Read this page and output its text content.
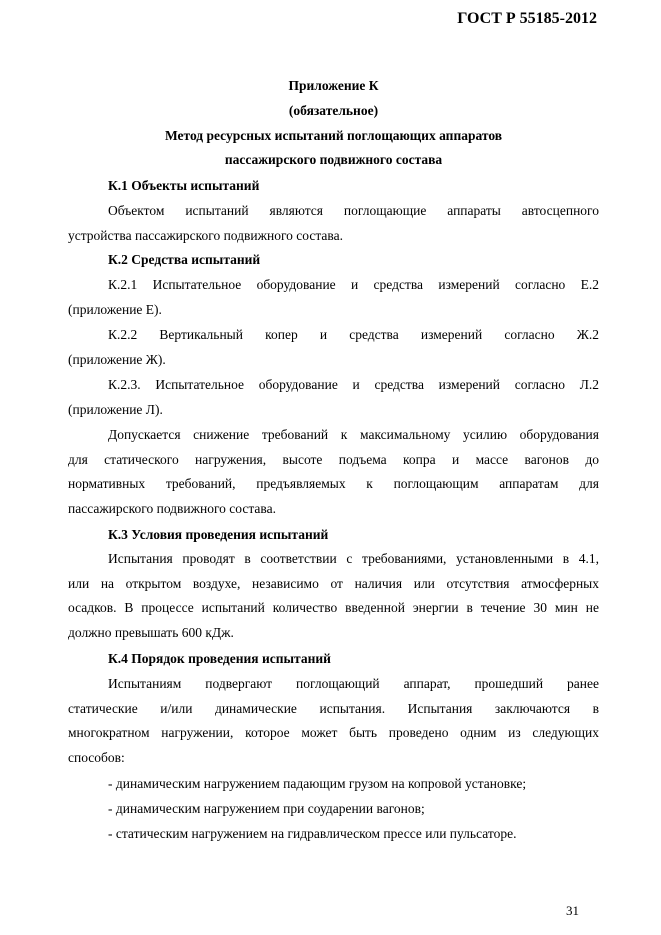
ГОСТ Р 55185-2012
Приложение К
(обязательное)
Метод ресурсных испытаний поглощающих аппаратов
пассажирского подвижного состава
К.1 Объекты испытаний

Объектом испытаний являются поглощающие аппараты автосцепного

устройства пассажирского подвижного состава.

К.2 Средства испытаний

К.2.1 Испытательное оборудование и средства измерений согласно Е.2

(приложение Е).

К.2.2 Вертикальный копер и средства измерений согласно Ж.2

(приложение Ж).

К.2.3. Испытательное оборудование и средства измерений согласно Л.2

(приложение Л).

Допускается снижение требований к максимальному усилию оборудования

для статического нагружения, высоте подъема копра и массе вагонов до

нормативных требований, предъявляемых к поглощающим аппаратам для

пассажирского подвижного состава.

К.3 Условия проведения испытаний

Испытания проводят в соответствии с требованиями, установленными в 4.1,

или на открытом воздухе, независимо от наличия или отсутствия атмосферных

осадков. В процессе испытаний количество введенной энергии в течение 30 мин не

должно превышать 600 кДж.

К.4 Порядок проведения испытаний

Испытаниям подвергают поглощающий аппарат, прошедший ранее

статические и/или динамические испытания. Испытания заключаются в

многократном нагружении, которое может быть проведено одним из следующих

способов:

- динамическим нагружением падающим грузом на копровой установке;
- динамическим нагружением при соударении вагонов;
- статическим нагружением на гидравлическом прессе или пульсаторе.
31
